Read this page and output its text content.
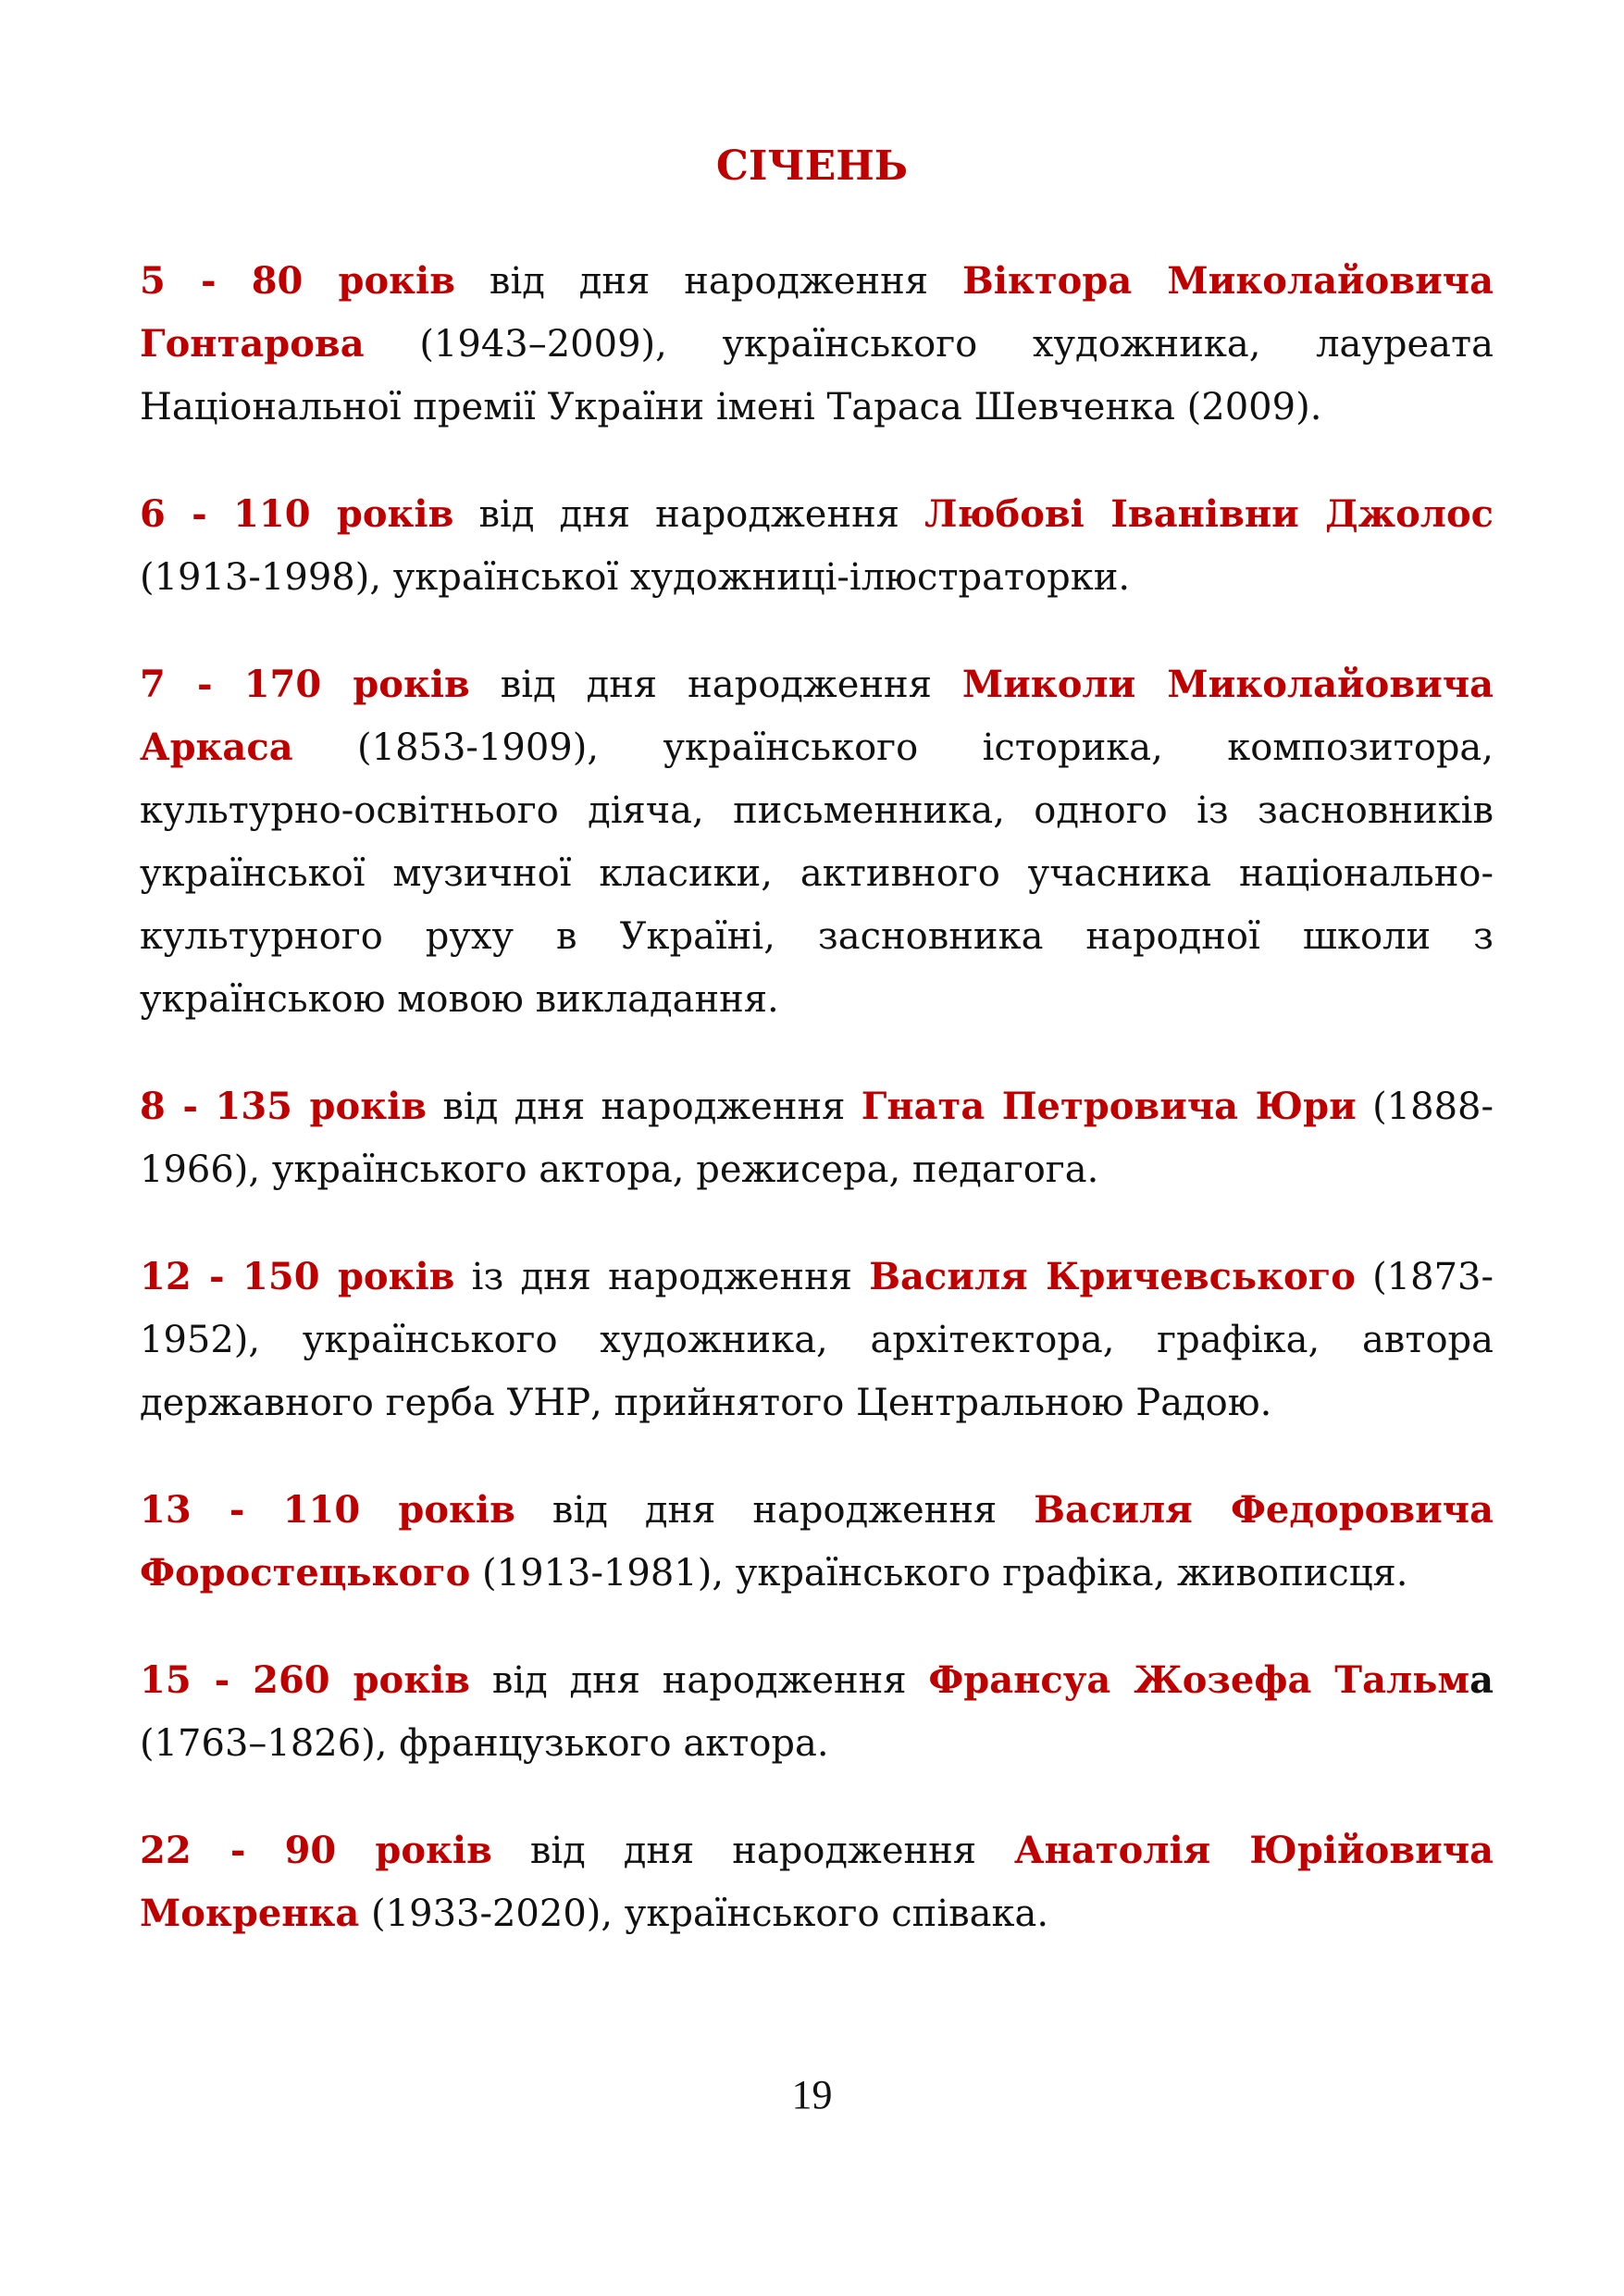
СІЧЕНЬ

5 - 80 років від дня народження Віктора Миколайовича Гонтарова (1943–2009), українського художника, лауреата Національної премії України імені Тараса Шевченка (2009).

6 - 110 років від дня народження Любові Іванівни Джолос (1913-1998), української художниці-ілюстраторки.

7 - 170 років від дня народження Миколи Миколайовича Аркаса (1853-1909), українського історика, композитора, культурно-освітнього діяча, письменника, одного із засновників української музичної класики, активного учасника національно-культурного руху в Україні, засновника народної школи з українською мовою викладання.

8 - 135 років від дня народження Гната Петровича Юри (1888-1966), українського актора, режисера, педагога.

12 - 150 років із дня народження Василя Кричевського (1873-1952), українського художника, архітектора, графіка, автора державного герба УНР, прийнятого Центральною Радою.

13 - 110 років від дня народження Василя Федоровича Форостецького (1913-1981), українського графіка, живописця.

15 - 260 років від дня народження Франсуа Жозефа Тальма (1763–1826), французького актора.

22 - 90 років від дня народження Анатолія Юрійовича Мокренка (1933-2020), українського співака.

19
